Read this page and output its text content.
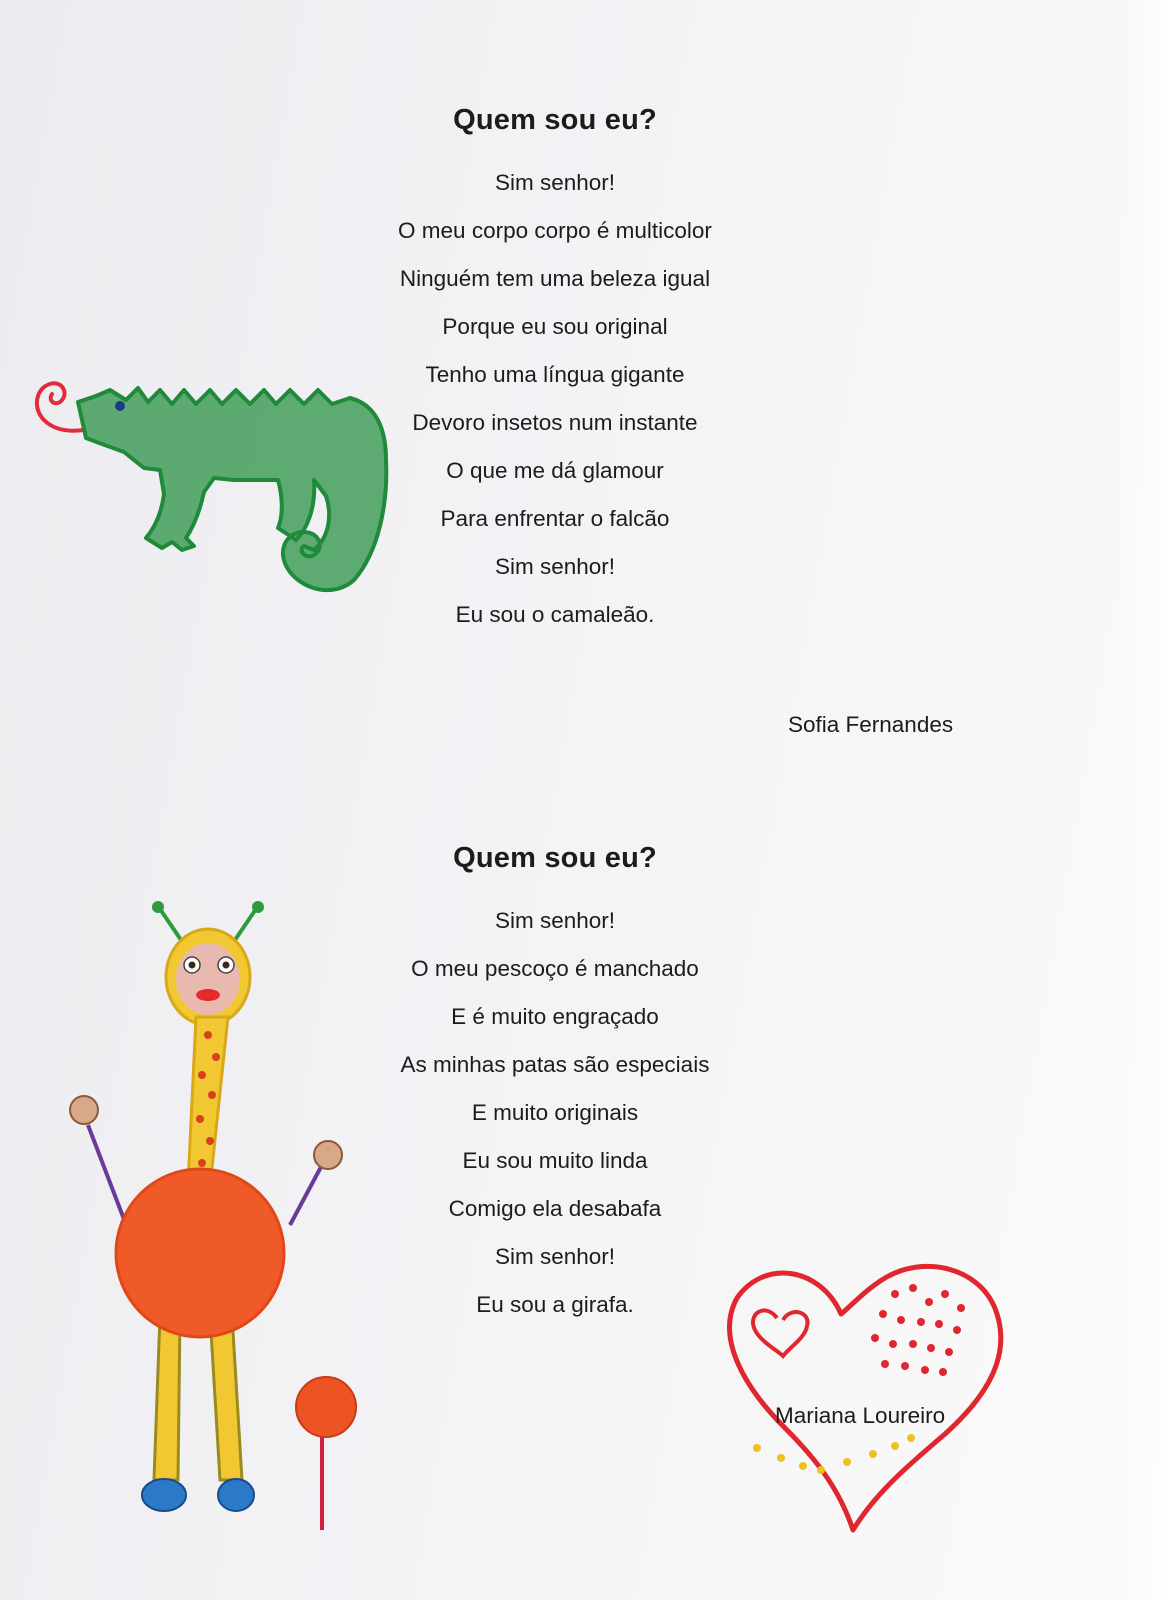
Quem sou eu?
Sim senhor!
O meu corpo corpo é multicolor
Ninguém tem uma beleza igual
Porque eu sou original
Tenho uma língua gigante
Devoro insetos num instante
O que me dá glamour
Para enfrentar o falcão
Sim senhor!
Eu sou o camaleão.
Sofia Fernandes
Quem sou eu?
Sim senhor!
O meu pescoço é manchado
E é muito engraçado
As minhas patas são especiais
E muito originais
Eu sou muito linda
Comigo ela desabafa
Sim senhor!
Eu sou a girafa.
Mariana Loureiro
